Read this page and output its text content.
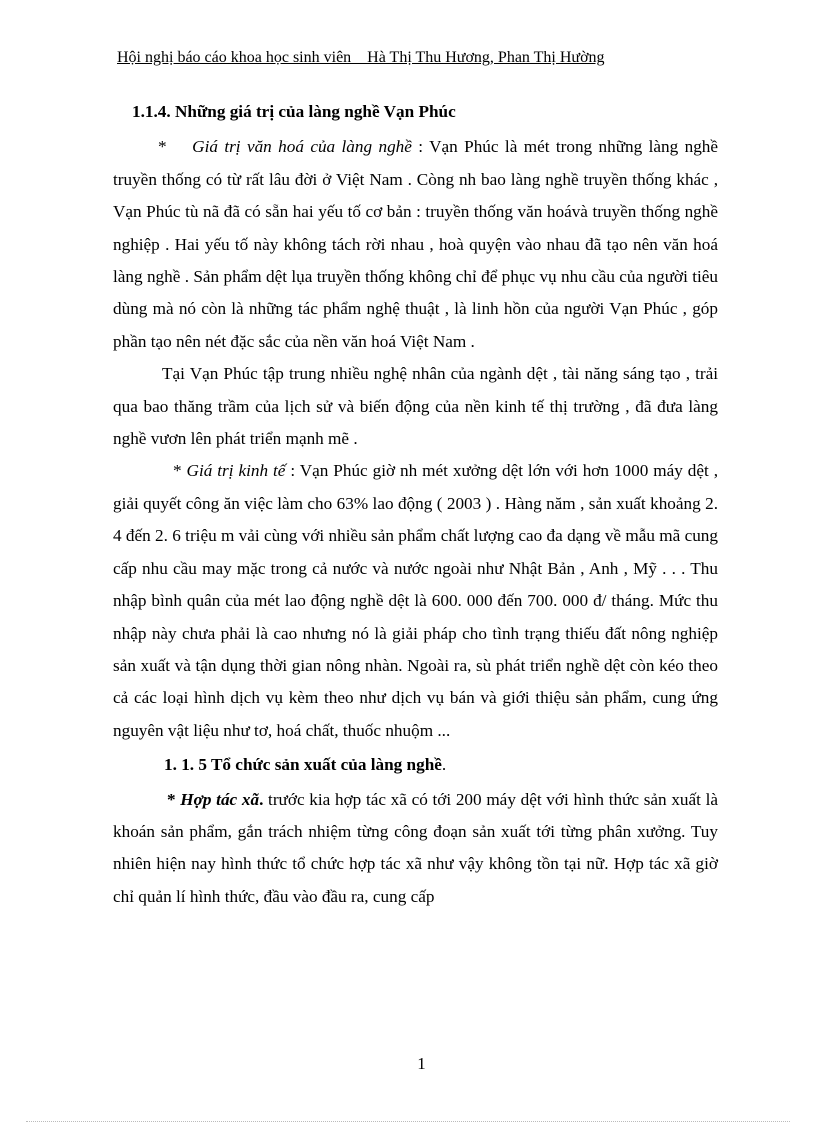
Hội nghị báo cáo khoa học sinh viên _ Hà Thị Thu Hương, Phan Thị Hường

1.1.4. Những giá trị của làng nghề Vạn Phúc

* Giá trị văn hoá của làng nghề : Vạn Phúc là mét trong những làng nghề truyền thống có từ rất lâu đời ở Việt Nam . Còng nh bao làng nghề truyền thống khác , Vạn Phúc tù nã đã có sẵn hai yếu tố cơ bản : truyền thống văn hoávà truyền thống nghề nghiệp . Hai yếu tố này không tách rời nhau , hoà quyện vào nhau đã tạo nên văn hoá làng nghề . Sản phẩm dệt lụa truyền thống không chỉ để phục vụ nhu cầu của người tiêu dùng mà nó còn là những tác phẩm nghệ thuật , là linh hồn của người Vạn Phúc , góp phần tạo nên nét đặc sắc của nền văn hoá Việt Nam .

Tại Vạn Phúc tập trung nhiều nghệ nhân của ngành dệt , tài năng sáng tạo , trải qua bao thăng trầm của lịch sử và biến động của nền kinh tế thị trường , đã đưa làng nghề vươn lên phát triển mạnh mẽ .

* Giá trị kinh tế : Vạn Phúc giờ nh mét xưởng dệt lớn với hơn 1000 máy dệt , giải quyết công ăn việc làm cho 63% lao động ( 2003 ) . Hàng năm , sản xuất khoảng 2. 4 đến 2. 6 triệu m vải cùng với nhiều sản phẩm chất lượng cao đa dạng về mẫu mã cung cấp nhu cầu may mặc trong cả nước và nước ngoài như Nhật Bản , Anh , Mỹ . . . Thu nhập bình quân của mét lao động nghề dệt là 600. 000 đến 700. 000 đ/ tháng. Mức thu nhập này chưa phải là cao nhưng nó là giải pháp cho tình trạng thiếu đất nông nghiệp sản xuất và tận dụng thời gian nông nhàn. Ngoài ra, sù phát triển nghề dệt còn kéo theo cả các loại hình dịch vụ kèm theo như dịch vụ bán và giới thiệu sản phẩm, cung ứng nguyên vật liệu như tơ, hoá chất, thuốc nhuộm ...

1. 1. 5 Tổ chức sản xuất của làng nghề.

* Hợp tác xã. trước kia hợp tác xã có tới 200 máy dệt với hình thức sản xuất là khoán sản phẩm, gắn trách nhiệm từng công đoạn sản xuất tới từng phân xưởng. Tuy nhiên hiện nay hình thức tổ chức hợp tác xã như vậy không tồn tại nữ. Hợp tác xã giờ chỉ quản lí hình thức, đầu vào đầu ra, cung cấp

1
